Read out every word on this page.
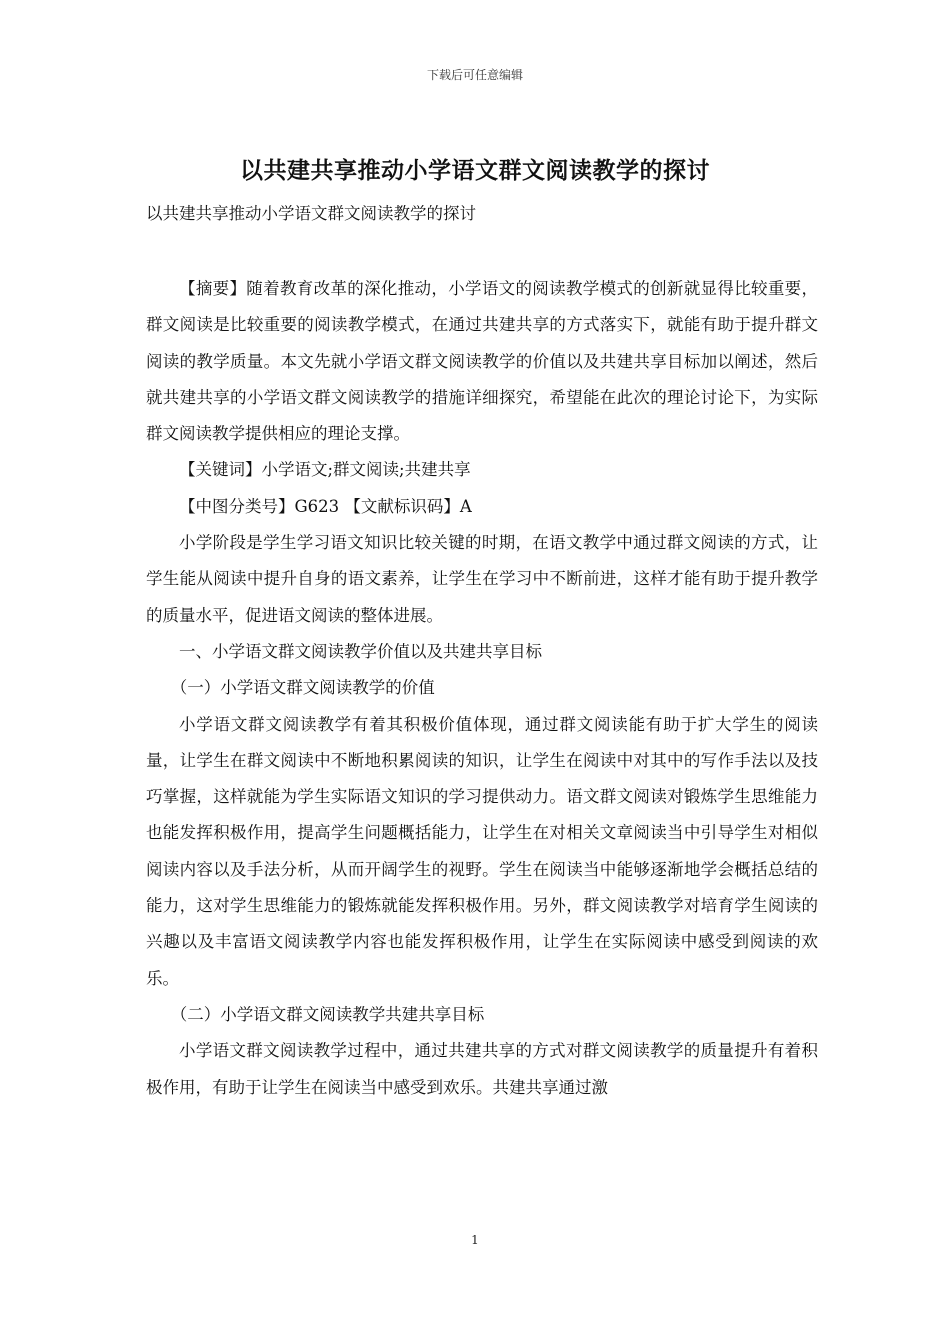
下载后可任意编辑
以共建共享推动小学语文群文阅读教学的探讨
以共建共享推动小学语文群文阅读教学的探讨

【摘要】随着教育改革的深化推动，小学语文的阅读教学模式的创新就显得比较重要，群文阅读是比较重要的阅读教学模式，在通过共建共享的方式落实下，就能有助于提升群文阅读的教学质量。本文先就小学语文群文阅读教学的价值以及共建共享目标加以阐述，然后就共建共享的小学语文群文阅读教学的措施详细探究，希望能在此次的理论讨论下，为实际群文阅读教学提供相应的理论支撑。

【关键词】小学语文;群文阅读;共建共享

【中图分类号】G623 【文献标识码】A

小学阶段是学生学习语文知识比较关键的时期，在语文教学中通过群文阅读的方式，让学生能从阅读中提升自身的语文素养，让学生在学习中不断前进，这样才能有助于提升教学的质量水平，促进语文阅读的整体进展。

一、小学语文群文阅读教学价值以及共建共享目标

（一）小学语文群文阅读教学的价值

小学语文群文阅读教学有着其积极价值体现，通过群文阅读能有助于扩大学生的阅读量，让学生在群文阅读中不断地积累阅读的知识，让学生在阅读中对其中的写作手法以及技巧掌握，这样就能为学生实际语文知识的学习提供动力。语文群文阅读对锻炼学生思维能力也能发挥积极作用，提高学生问题概括能力，让学生在对相关文章阅读当中引导学生对相似阅读内容以及手法分析，从而开阔学生的视野。学生在阅读当中能够逐渐地学会概括总结的能力，这对学生思维能力的锻炼就能发挥积极作用。另外，群文阅读教学对培育学生阅读的兴趣以及丰富语文阅读教学内容也能发挥积极作用，让学生在实际阅读中感受到阅读的欢乐。

（二）小学语文群文阅读教学共建共享目标

小学语文群文阅读教学过程中，通过共建共享的方式对群文阅读教学的质量提升有着积极作用，有助于让学生在阅读当中感受到欢乐。共建共享通过激

1
